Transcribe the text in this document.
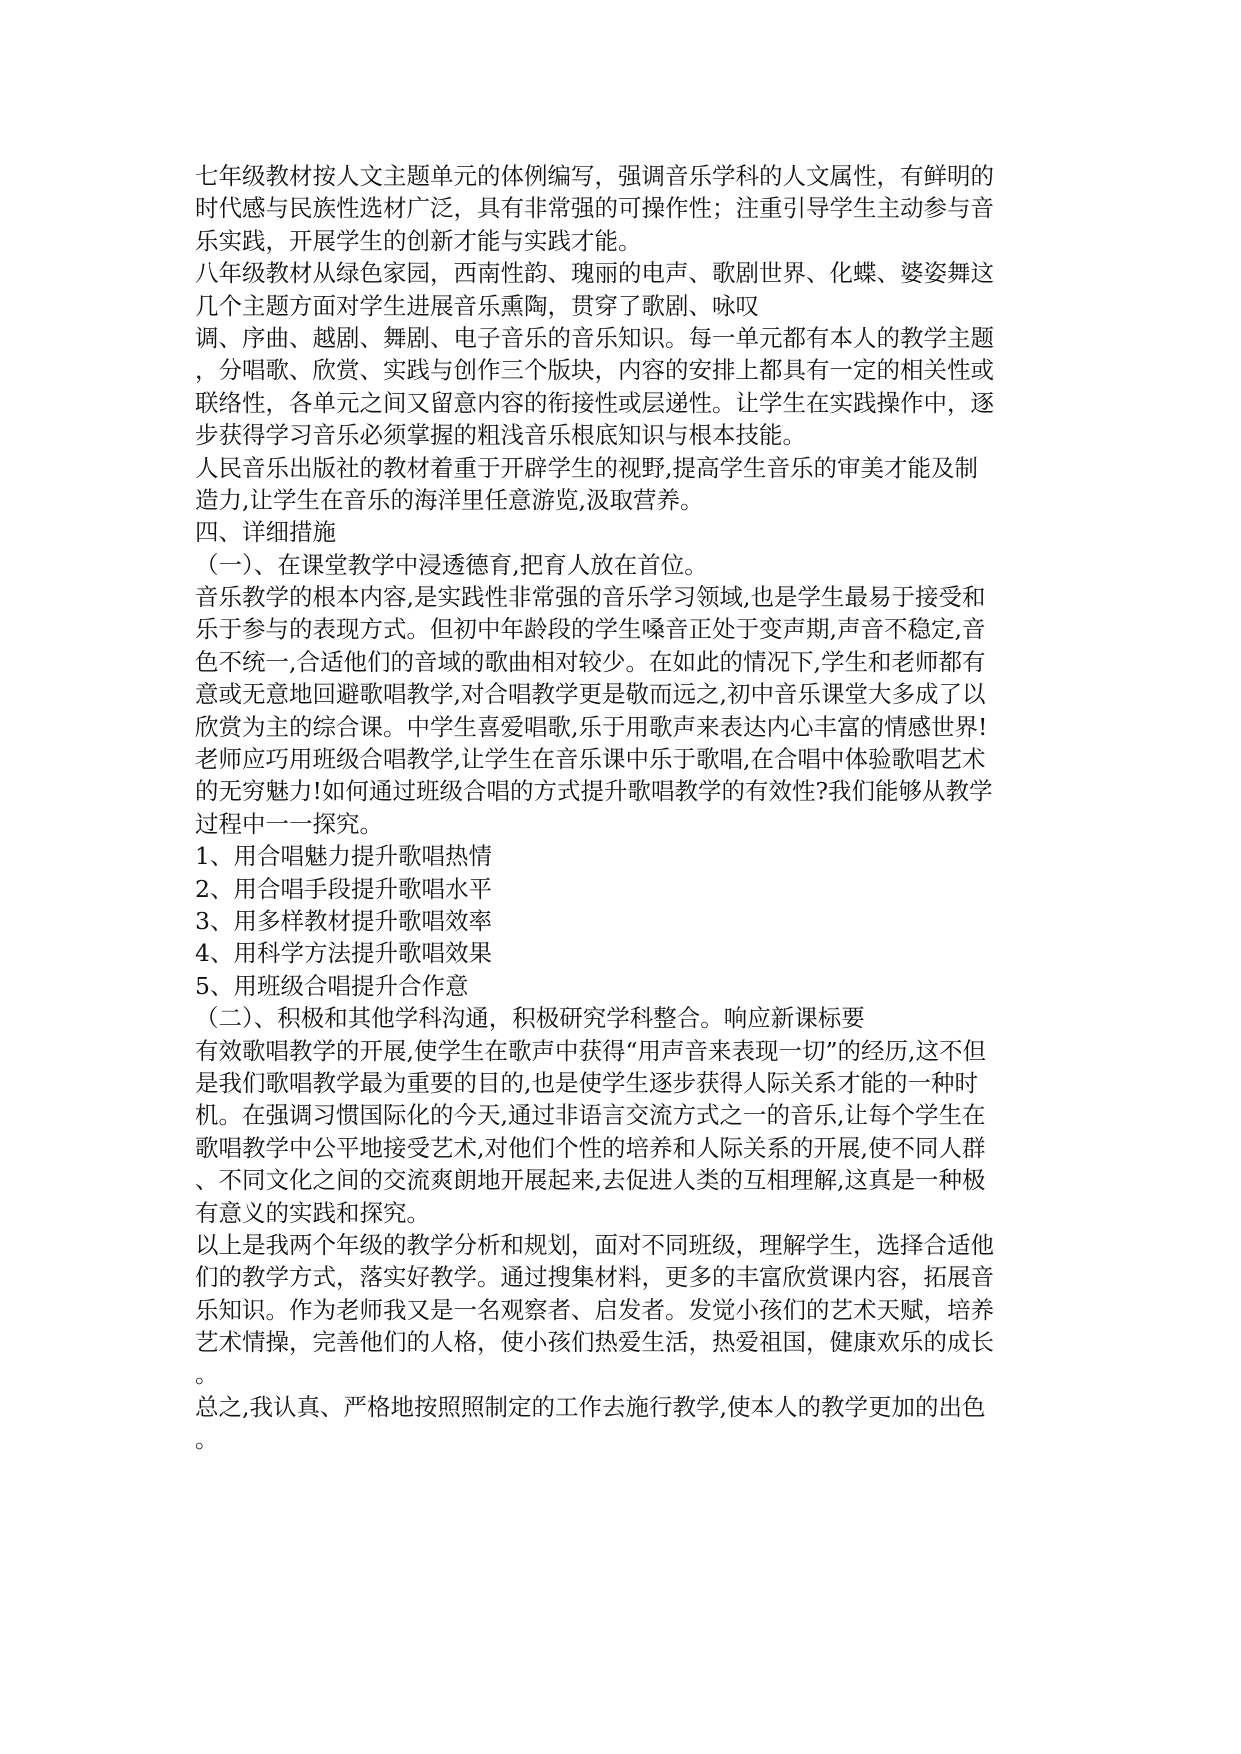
七年级教材按人文主题单元的体例编写，强调音乐学科的人文属性，有鲜明的
时代感与民族性选材广泛，具有非常强的可操作性；注重引导学生主动参与音
乐实践，开展学生的创新才能与实践才能。
八年级教材从绿色家园，西南性韵、瑰丽的电声、歌剧世界、化蝶、婆姿舞这
几个主题方面对学生进展音乐熏陶，贯穿了歌剧、咏叹
调、序曲、越剧、舞剧、电子音乐的音乐知识。每一单元都有本人的教学主题
，分唱歌、欣赏、实践与创作三个版块，内容的安排上都具有一定的相关性或
联络性，各单元之间又留意内容的衔接性或层递性。让学生在实践操作中，逐
步获得学习音乐必须掌握的粗浅音乐根底知识与根本技能。
人民音乐出版社的教材着重于开辟学生的视野,提高学生音乐的审美才能及制
造力,让学生在音乐的海洋里任意游览,汲取营养。
四、详细措施
（一）、在课堂教学中浸透德育,把育人放在首位。
音乐教学的根本内容,是实践性非常强的音乐学习领域,也是学生最易于接受和
乐于参与的表现方式。但初中年龄段的学生嗓音正处于变声期,声音不稳定,音
色不统一,合适他们的音域的歌曲相对较少。在如此的情况下,学生和老师都有
意或无意地回避歌唱教学,对合唱教学更是敬而远之,初中音乐课堂大多成了以
欣赏为主的综合课。中学生喜爱唱歌,乐于用歌声来表达内心丰富的情感世界!
老师应巧用班级合唱教学,让学生在音乐课中乐于歌唱,在合唱中体验歌唱艺术
的无穷魅力!如何通过班级合唱的方式提升歌唱教学的有效性?我们能够从教学
过程中一一探究。
1、用合唱魅力提升歌唱热情
2、用合唱手段提升歌唱水平
3、用多样教材提升歌唱效率
4、用科学方法提升歌唱效果
5、用班级合唱提升合作意
（二）、积极和其他学科沟通，积极研究学科整合。响应新课标要
有效歌唱教学的开展,使学生在歌声中获得“用声音来表现一切”的经历,这不但
是我们歌唱教学最为重要的目的,也是使学生逐步获得人际关系才能的一种时
机。在强调习惯国际化的今天,通过非语言交流方式之一的音乐,让每个学生在
歌唱教学中公平地接受艺术,对他们个性的培养和人际关系的开展,使不同人群
、不同文化之间的交流爽朗地开展起来,去促进人类的互相理解,这真是一种极
有意义的实践和探究。
以上是我两个年级的教学分析和规划，面对不同班级，理解学生，选择合适他
们的教学方式，落实好教学。通过搜集材料，更多的丰富欣赏课内容，拓展音
乐知识。作为老师我又是一名观察者、启发者。发觉小孩们的艺术天赋，培养
艺术情操，完善他们的人格，使小孩们热爱生活，热爱祖国，健康欢乐的成长
。
总之,我认真、严格地按照照制定的工作去施行教学,使本人的教学更加的出色
。
